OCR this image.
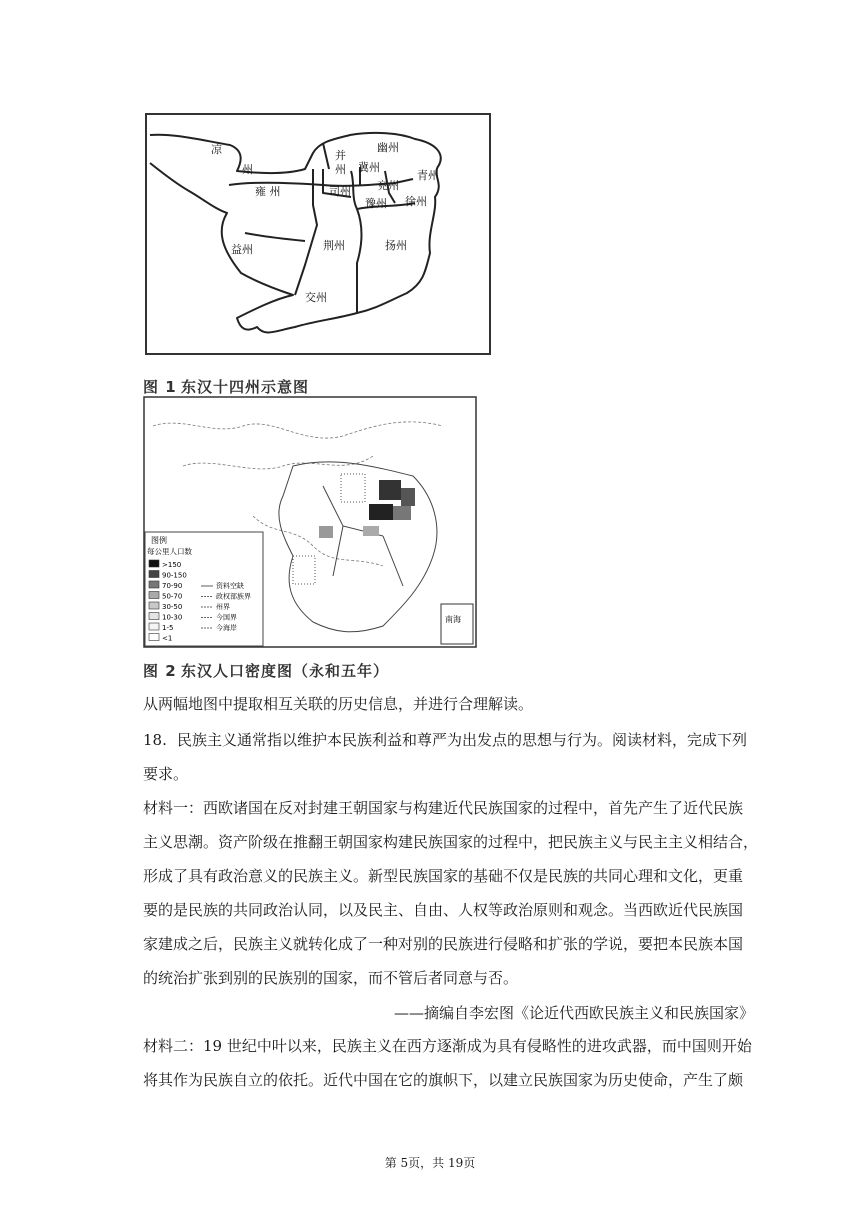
凉
州
幽州
并
州 冀州
青州
雍 州	司州 兖州
徐州
豫州
益州	荆州	扬州
交州
图 1 东汉十四州示意图
南海
图例
每公里人口数
>150
90-150
70-90
50-70
30-50
10-30
1-5
<1
资料空缺
政权部族界
州界
今国界
今海岸
图 2 东汉人口密度图（永和五年）
从两幅地图中提取相互关联的历史信息，并进行合理解读。
18. 民族主义通常指以维护本民族利益和尊严为出发点的思想与行为。阅读材料，完成下列
要求。
材料一：西欧诸国在反对封建王朝国家与构建近代民族国家的过程中，首先产生了近代民族
主义思潮。资产阶级在推翻王朝国家构建民族国家的过程中，把民族主义与民主主义相结合，
形成了具有政治意义的民族主义。新型民族国家的基础不仅是民族的共同心理和文化，更重
要的是民族的共同政治认同，以及民主、自由、人权等政治原则和观念。当西欧近代民族国
家建成之后，民族主义就转化成了一种对别的民族进行侵略和扩张的学说，要把本民族本国
的统治扩张到别的民族别的国家，而不管后者同意与否。
——摘编自李宏图《论近代西欧民族主义和民族国家》
材料二：19 世纪中叶以来，民族主义在西方逐渐成为具有侵略性的进攻武器，而中国则开始
将其作为民族自立的依托。近代中国在它的旗帜下，以建立民族国家为历史使命，产生了颇
第 5页，共 19页
